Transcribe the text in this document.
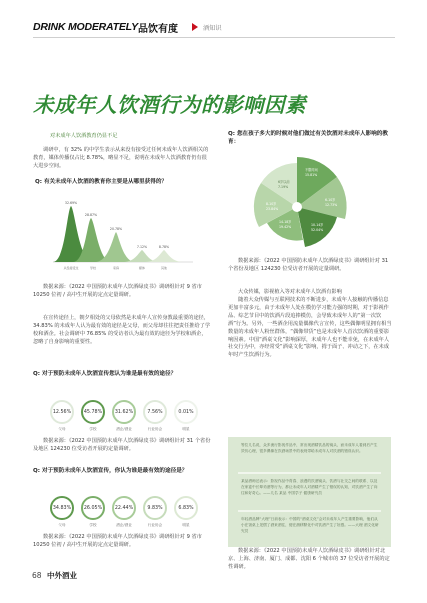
DRINK MODERATELY 品饮有度	酒知识
未成年人饮酒行为的影响因素
对未成年人饮酒教育仍显不足

调研中，有 32% 的中学生表示从来没有接受过任何未成年人饮酒相关的教育，媒体传播仅占比 8.78%，略显不足，说明在未成年人饮酒教育仍有很大进步空间。

Q: 有关未成年人饮酒的教育你主要是从哪里获得的？
32.69%
28.87%
20.78%
7.12%	8.78%
从没接受过	学校	家庭	媒体	其他

数据来源：《2022 中国预防未成年人饮酒绿皮书》调研组针对 9 省市 10250 位初 / 高中生开展的定点定量调研。

在宣传途径上，朝夕相处的父母依然是未成年人宣传身教最重要的途径，34.83% 的未成年人认为最有效的途径是父母，而父母却往往把责任推给了学校和酒企。社会调研中 76.85% 的受访者认为最有效的途径为学校和酒企，忽略了自身影响的重要性。

Q: 对于预防未成年人饮酒宣传您认为谁是最有效的途径？
12.56%
父母
45.78%
学校
31.62%
酒企/酒业
7.56%
行业协会
0.01%
明星

数据来源：《2022 中国预防未成年人饮酒绿皮书》调研组针对 31 个省份及地区 124230 位受访者开展的定量调研。

Q: 对于预防未成年人饮酒宣传，你认为谁是最有效的途径是？
34.83%
父母
26.05%
学校
22.44%
酒企/酒业
9.83%
行业协会
6.83%
明星

数据来源：《2022 中国预防未成年人饮酒绿皮书》调研组针对 9 省市 10250 位初 / 高中生开展的定点定量调研。

Q: 您在孩子多大的时候对他们做过有关饮酒对未成年人影响的教育：
不限时间
15.81%
6-10岁
12.73%
10-14岁
52.04%
14-18岁
19.42%
8-10岁
23.84%
6岁以前
7.19%

数据来源：《2022 中国预防未成年人饮酒绿皮书》调研组针对 31 个省份及地区 124230 位受访者开展的定量调研。

大众传媒，影视植入等对未成年人饮酒有影响

随着大众传媒与互联网技术的不断进步，未成年人接触的传播信息更加丰富多元，由于未成年人处在模仿学习能力强的时期，对于影视作品、综艺节目中的饮酒片段追捧模仿，会导致未成年人的“第一次饮酒”行为。另外，一些酒企用流量偶像代言宣传，这些偶像明星拥有相当数量的未成年人粉丝群体，“偶像带货”也是未成年人首次饮酒的重要影响因素。中国“酒桌文化”影响深厚，未成年人也不能幸免，在未成年人社交行为中，亦经常受“酒桌文化”影响，拇于面子、冲动之下，在未成年时产生饮酒行为。

等位几名说，众多流行影视作品中，常出现酒精饮品的镜头，而未成年人看到后产生效仿心理，很多偶像在饮酒场景中的表现带给未成年人对饮酒的错误认识。
某品酒师还表示：影视作品中青春、浪漫的饮酒镜头、饮酒与社交之间的联系、以及在家宴中长辈劝酒等行为，都让未成年人对酒精产生了错误的认知，对饮酒产生了向往和好奇心。——几名 某品 中国学子 健康研究员
年轻酒品牌“大理”日前表示：中国的“酒桌文化”会对未成年人产生重要影响，他们从小在饭桌上见惯了酒来酒往，便在潜移默化中对饮酒产生了好感。——大理 酒文化研究员

数据来源：《2022 中国预防未成年人饮酒绿皮书》调研组针对北京、上海、济南、厦门、成都、沈阳 6 个城市的 37 位受访者开展的定性调研。

68 中外酒业
